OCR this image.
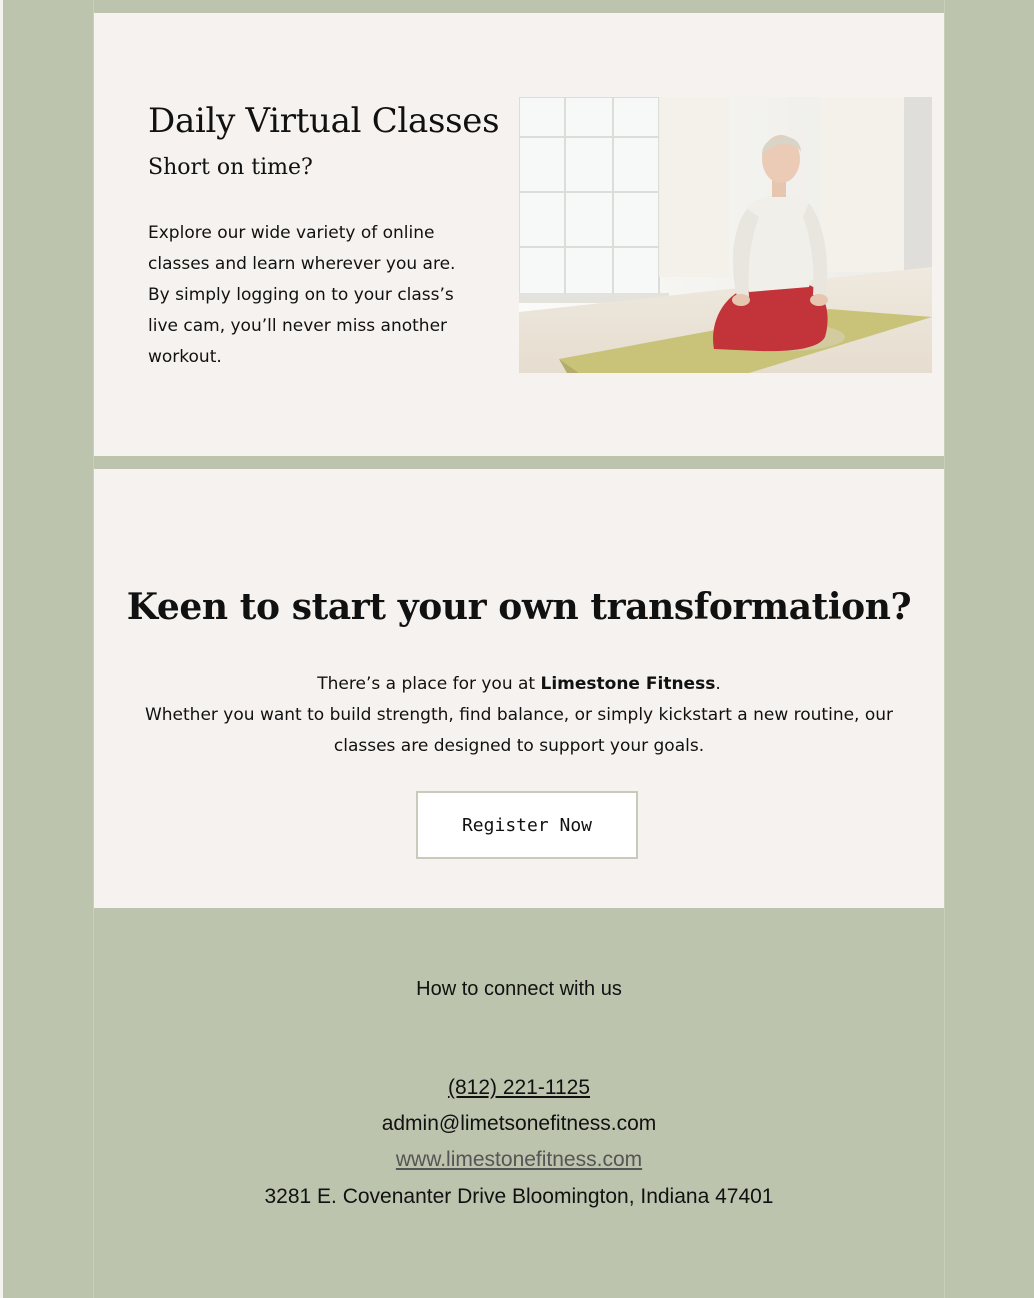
Daily Virtual Classes
Short on time?

Explore our wide variety of online classes and learn wherever you are. By simply logging on to your class’s live cam, you’ll never miss another workout.

Keen to start your own transformation?

There’s a place for you at Limestone Fitness.
Whether you want to build strength, find balance, or simply kickstart a new routine, our classes are designed to support your goals.

Register Now
How to connect with us
(812) 221-1125
admin@limetsonefitness.com
www.limestonefitness.com
3281 E. Covenanter Drive Bloomington, Indiana 47401
